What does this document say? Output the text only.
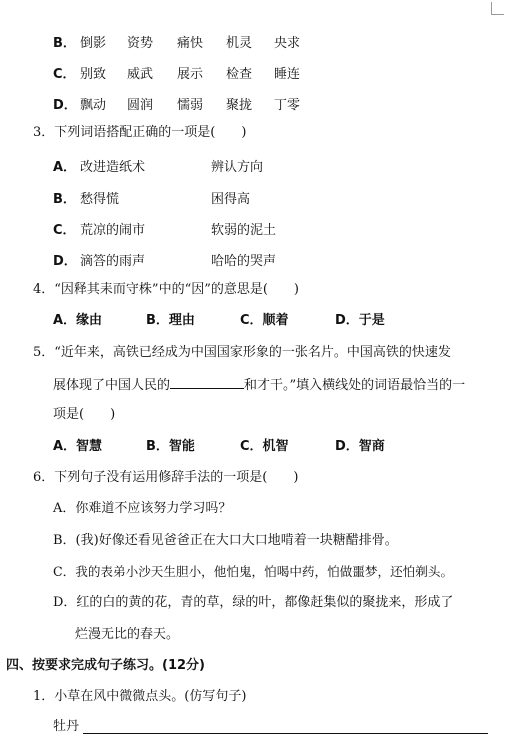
B． 倒影 资势 痛快 机灵 央求
C． 别致 威武 展示 检查 睡连
D． 飘动 圆润 懦弱 聚拢 丁零
3．下列词语搭配正确的一项是(　　)
A． 改进造纸术	辨认方向
B． 愁得慌	困得高
C． 荒凉的闹市	软弱的泥土
D． 滴答的雨声	哈哈的哭声
4．“因释其耒而守株”中的“因”的意思是(　　)
A．缘由	B．理由	C．顺着	D．于是
5．“近年来，高铁已经成为中国国家形象的一张名片。中国高铁的快速发
展体现了中国人民的	和才干。”填入横线处的词语最恰当的一
项是(　　)
A．智慧	B．智能	C．机智	D．智商
6．下列句子没有运用修辞手法的一项是(　　)
A．你难道不应该努力学习吗？
B．(我)好像还看见爸爸正在大口大口地啃着一块糖醋排骨。
C．我的表弟小沙天生胆小，他怕鬼，怕喝中药，怕做噩梦，还怕剃头。
D．红的白的黄的花，青的草，绿的叶，都像赶集似的聚拢来，形成了
烂漫无比的春天。
四、按要求完成句子练习。(12分)
1．小草在风中微微点头。(仿写句子)
牡丹
